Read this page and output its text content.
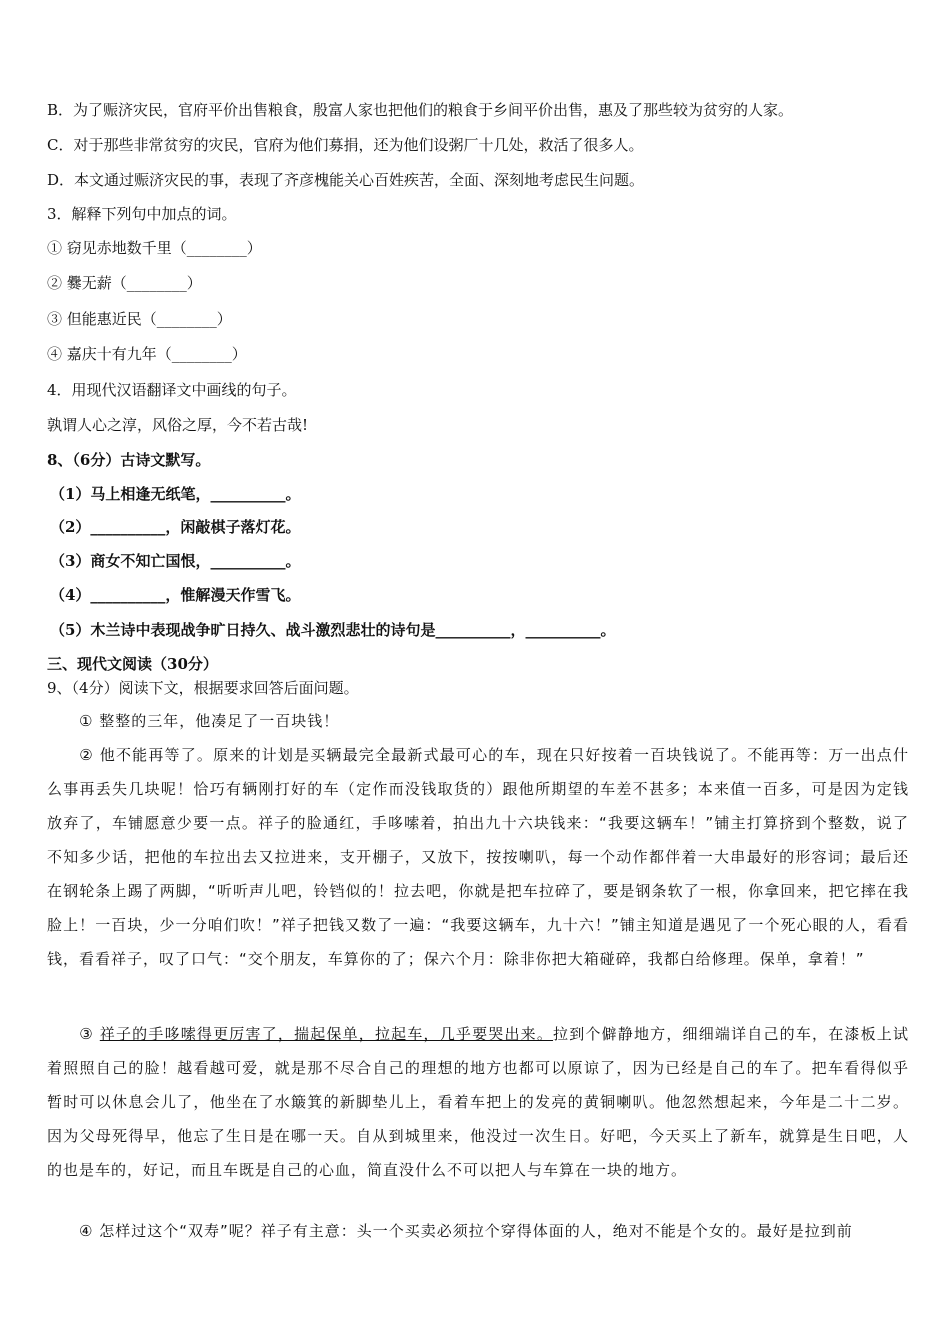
B．为了赈济灾民，官府平价出售粮食，殷富人家也把他们的粮食于乡间平价出售，惠及了那些较为贫穷的人家。
C．对于那些非常贫穷的灾民，官府为他们募捐，还为他们设粥厂十几处，救活了很多人。
D．本文通过赈济灾民的事，表现了齐彦槐能关心百姓疾苦，全面、深刻地考虑民生问题。
3．解释下列句中加点的词。
① 窃见赤地数千里（________）
② 爨无薪（________）
③ 但能惠近民（________）
④ 嘉庆十有九年（________）
4．用现代汉语翻译文中画线的句子。
孰谓人心之淳，风俗之厚，今不若古哉!
8、（6分）古诗文默写。
（1）马上相逢无纸笔，__________。
（2）__________，闲敲棋子落灯花。
（3）商女不知亡国恨，__________。
（4）__________，惟解漫天作雪飞。
（5）木兰诗中表现战争旷日持久、战斗激烈悲壮的诗句是__________，__________。
三、现代文阅读（30分）
9、（4分）阅读下文，根据要求回答后面问题。
① 整整的三年，他凑足了一百块钱！
② 他不能再等了。原来的计划是买辆最完全最新式最可心的车，现在只好按着一百块钱说了。不能再等：万一出点什么事再丢失几块呢！恰巧有辆刚打好的车（定作而没钱取货的）跟他所期望的车差不甚多；本来值一百多，可是因为定钱放弃了，车铺愿意少要一点。祥子的脸通红，手哆嗦着，拍出九十六块钱来：“我要这辆车！”铺主打算挤到个整数，说了不知多少话，把他的车拉出去又拉进来，支开棚子，又放下，按按喇叭，每一个动作都伴着一大串最好的形容词；最后还在钢轮条上踢了两脚，“听听声儿吧，铃铛似的！拉去吧，你就是把车拉碎了，要是钢条软了一根，你拿回来，把它摔在我脸上！一百块，少一分咱们吹！”祥子把钱又数了一遍：“我要这辆车，九十六！”铺主知道是遇见了一个死心眼的人，看看钱，看看祥子，叹了口气：“交个朋友，车算你的了；保六个月：除非你把大箱碰碎，我都白给修理。保单，拿着！”
③ 祥子的手哆嗦得更厉害了，揣起保单，拉起车，几乎要哭出来。拉到个僻静地方，细细端详自己的车，在漆板上试着照照自己的脸！越看越可爱，就是那不尽合自己的理想的地方也都可以原谅了，因为已经是自己的车了。把车看得似乎暂时可以休息会儿了，他坐在了水簸箕的新脚垫儿上，看着车把上的发亮的黄铜喇叭。他忽然想起来，今年是二十二岁。因为父母死得早，他忘了生日是在哪一天。自从到城里来，他没过一次生日。好吧，今天买上了新车，就算是生日吧，人的也是车的，好记，而且车既是自己的心血，简直没什么不可以把人与车算在一块的地方。
④ 怎样过这个“双寿”呢？祥子有主意：头一个买卖必须拉个穿得体面的人，绝对不能是个女的。最好是拉到前
